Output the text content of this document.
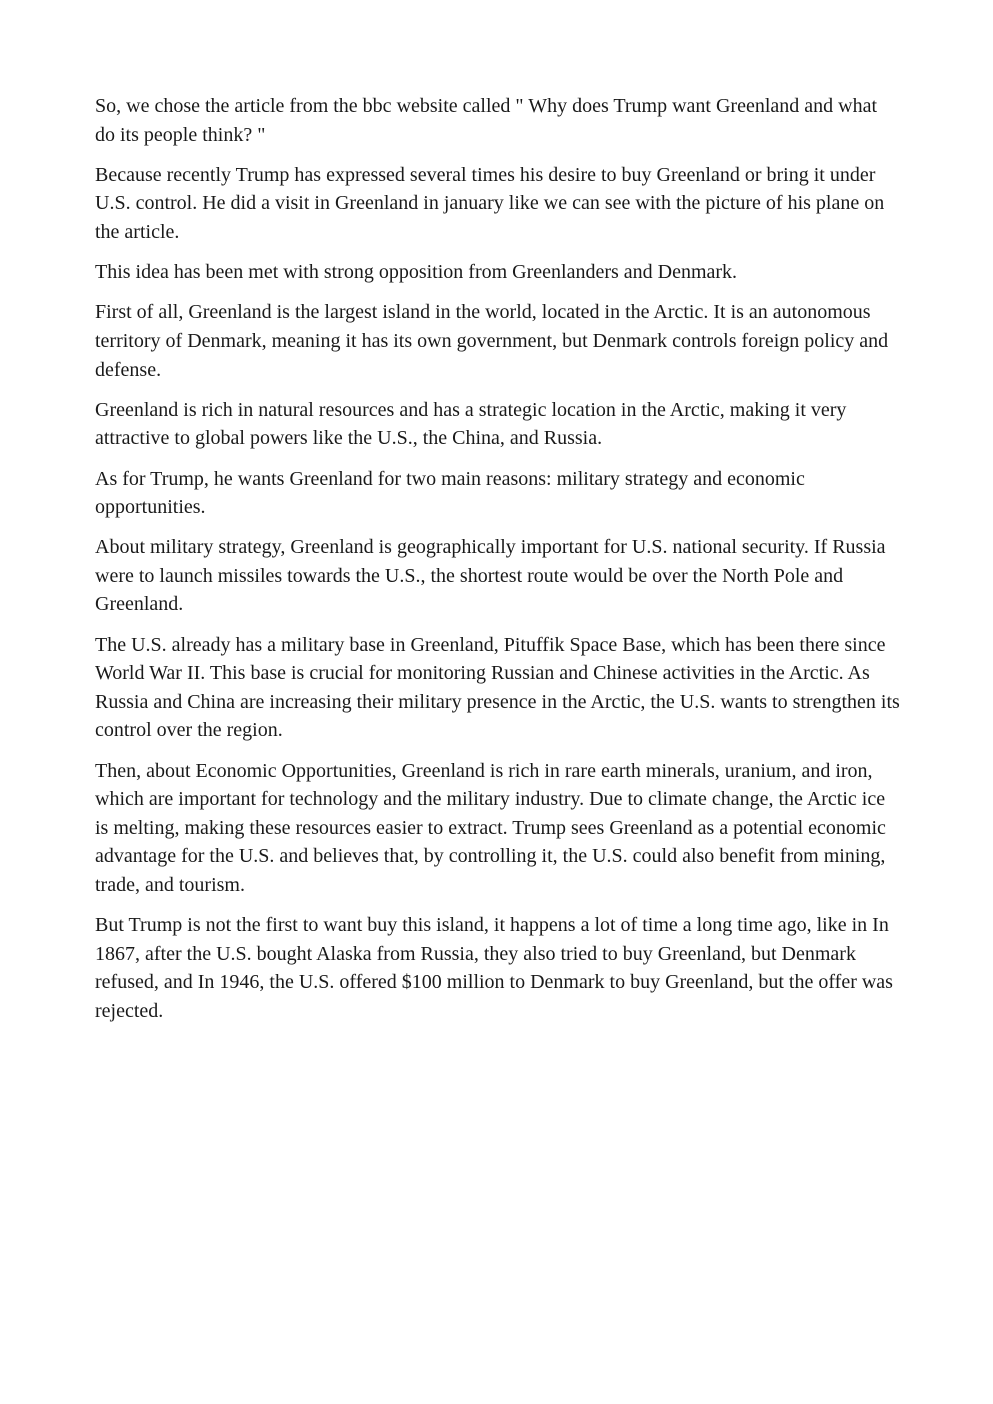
So, we chose the article from the bbc website called " Why does Trump want Greenland and what do its people think? "

Because recently Trump has expressed several times his desire to buy Greenland or bring it under U.S. control. He did a visit in Greenland in january like we can see with the picture of his plane on the article.

This idea has been met with strong opposition from Greenlanders and Denmark.

First of all, Greenland is the largest island in the world, located in the Arctic. It is an autonomous territory of Denmark, meaning it has its own government, but Denmark controls foreign policy and defense.

Greenland is rich in natural resources and has a strategic location in the Arctic, making it very attractive to global powers like the U.S., the China, and Russia.

As for Trump, he wants Greenland for two main reasons: military strategy and economic opportunities.

About military strategy, Greenland is geographically important for U.S. national security. If Russia were to launch missiles towards the U.S., the shortest route would be over the North Pole and Greenland.

The U.S. already has a military base in Greenland, Pituffik Space Base, which has been there since World War II. This base is crucial for monitoring Russian and Chinese activities in the Arctic. As Russia and China are increasing their military presence in the Arctic, the U.S. wants to strengthen its control over the region.

Then, about Economic Opportunities, Greenland is rich in rare earth minerals, uranium, and iron, which are important for technology and the military industry. Due to climate change, the Arctic ice is melting, making these resources easier to extract. Trump sees Greenland as a potential economic advantage for the U.S. and believes that, by controlling it, the U.S. could also benefit from mining, trade, and tourism.

But Trump is not the first to want buy this island, it happens a lot of time a long time ago, like in In 1867, after the U.S. bought Alaska from Russia, they also tried to buy Greenland, but Denmark refused, and In 1946, the U.S. offered $100 million to Denmark to buy Greenland, but the offer was rejected.
